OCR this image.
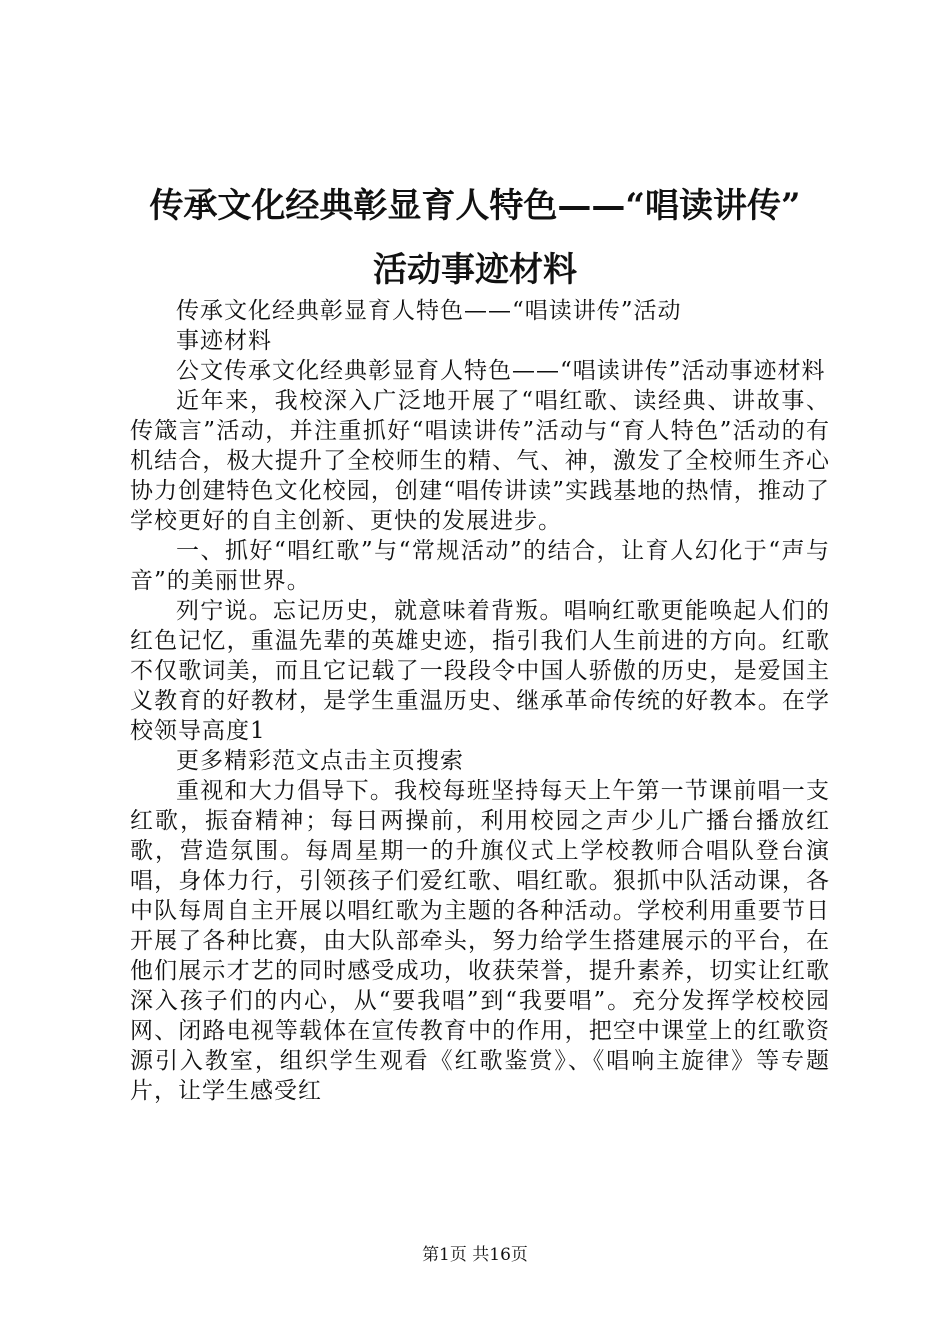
传承文化经典彰显育人特色——“唱读讲传”
活动事迹材料

传承文化经典彰显育人特色——“唱读讲传”活动

事迹材料

公文传承文化经典彰显育人特色——“唱读讲传”活动事迹材料

近年来，我校深入广泛地开展了“唱红歌、读经典、讲故事、传箴言”活动，并注重抓好“唱读讲传”活动与“育人特色”活动的有机结合，极大提升了全校师生的精、气、神，激发了全校师生齐心协力创建特色文化校园，创建“唱传讲读”实践基地的热情，推动了学校更好的自主创新、更快的发展进步。

一、抓好“唱红歌”与“常规活动”的结合，让育人幻化于“声与音”的美丽世界。

列宁说。忘记历史，就意味着背叛。唱响红歌更能唤起人们的红色记忆，重温先辈的英雄史迹，指引我们人生前进的方向。红歌不仅歌词美，而且它记载了一段段令中国人骄傲的历史，是爱国主义教育的好教材，是学生重温历史、继承革命传统的好教本。在学校领导高度1

更多精彩范文点击主页搜索

重视和大力倡导下。我校每班坚持每天上午第一节课前唱一支红歌，振奋精神；每日两操前，利用校园之声少儿广播台播放红歌，营造氛围。每周星期一的升旗仪式上学校教师合唱队登台演唱，身体力行，引领孩子们爱红歌、唱红歌。狠抓中队活动课，各中队每周自主开展以唱红歌为主题的各种活动。学校利用重要节日开展了各种比赛，由大队部牵头，努力给学生搭建展示的平台，在他们展示才艺的同时感受成功，收获荣誉，提升素养，切实让红歌深入孩子们的内心，从“要我唱”到“我要唱”。充分发挥学校校园网、闭路电视等载体在宣传教育中的作用，把空中课堂上的红歌资源引入教室，组织学生观看《红歌鉴赏》、《唱响主旋律》等专题片，让学生感受红

第1页 共16页
